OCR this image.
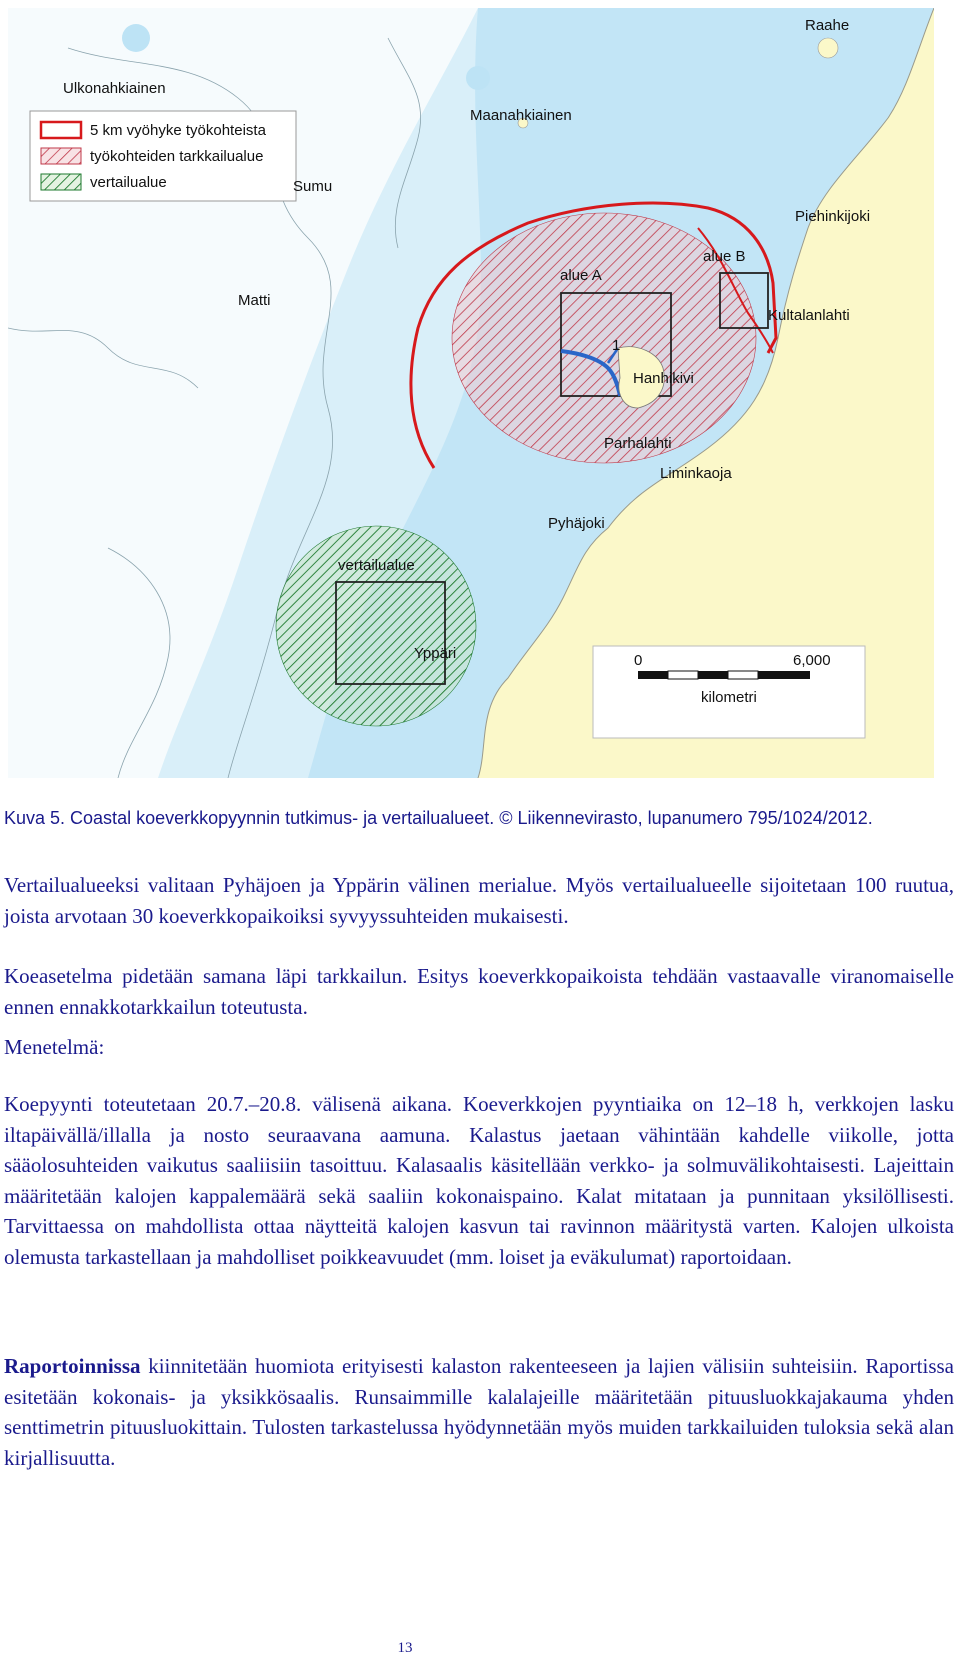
0	6,000
kilometri
5 km vyöhyke työkohteista
työkohteiden tarkkailualue
vertailualue
Ulkonahkiainen
Maanahkiainen
Raahe
Sumu
Matti
Piehinkijoki
alue A
alue B
Kultalanlahti
Hanhikivi
1
Parhalahti
Liminkaoja
Pyhäjoki
vertailualue
Yppäri
Kuva 5. Coastal koeverkkopyynnin tutkimus- ja vertailualueet. © Liikennevirasto, lupanumero 795/1024/2012.

Vertailualueeksi valitaan Pyhäjoen ja Yppärin välinen merialue. Myös vertailualueelle sijoitetaan 100 ruutua, joista arvotaan 30 koeverkkopaikoiksi syvyyssuhteiden mukaisesti.

Koeasetelma pidetään samana läpi tarkkailun. Esitys koeverkkopaikoista tehdään vastaavalle viranomaiselle ennen ennakkotarkkailun toteutusta.

Menetelmä:

Koepyynti toteutetaan 20.7.–20.8. välisenä aikana. Koeverkkojen pyyntiaika on 12–18 h, verkkojen lasku iltapäivällä/illalla ja nosto seuraavana aamuna. Kalastus jaetaan vähintään kahdelle viikolle, jotta sääolosuhteiden vaikutus saaliisiin tasoittuu. Kalasaalis käsitellään verkko- ja solmuvälikohtaisesti. Lajeittain määritetään kalojen kappalemäärä sekä saaliin kokonaispaino. Kalat mitataan ja punnitaan yksilöllisesti. Tarvittaessa on mahdollista ottaa näytteitä kalojen kasvun tai ravinnon määritystä varten. Kalojen ulkoista olemusta tarkastellaan ja mahdolliset poikkeavuudet (mm. loiset ja eväkulumat) raportoidaan.

Raportoinnissa kiinnitetään huomiota erityisesti kalaston rakenteeseen ja lajien välisiin suhteisiin. Raportissa esitetään kokonais- ja yksikkösaalis. Runsaimmille kalalajeille määritetään pituusluokkajakauma yhden senttimetrin pituusluokittain. Tulosten tarkastelussa hyödynnetään myös muiden tarkkailuiden tuloksia sekä alan kirjallisuutta.

13
